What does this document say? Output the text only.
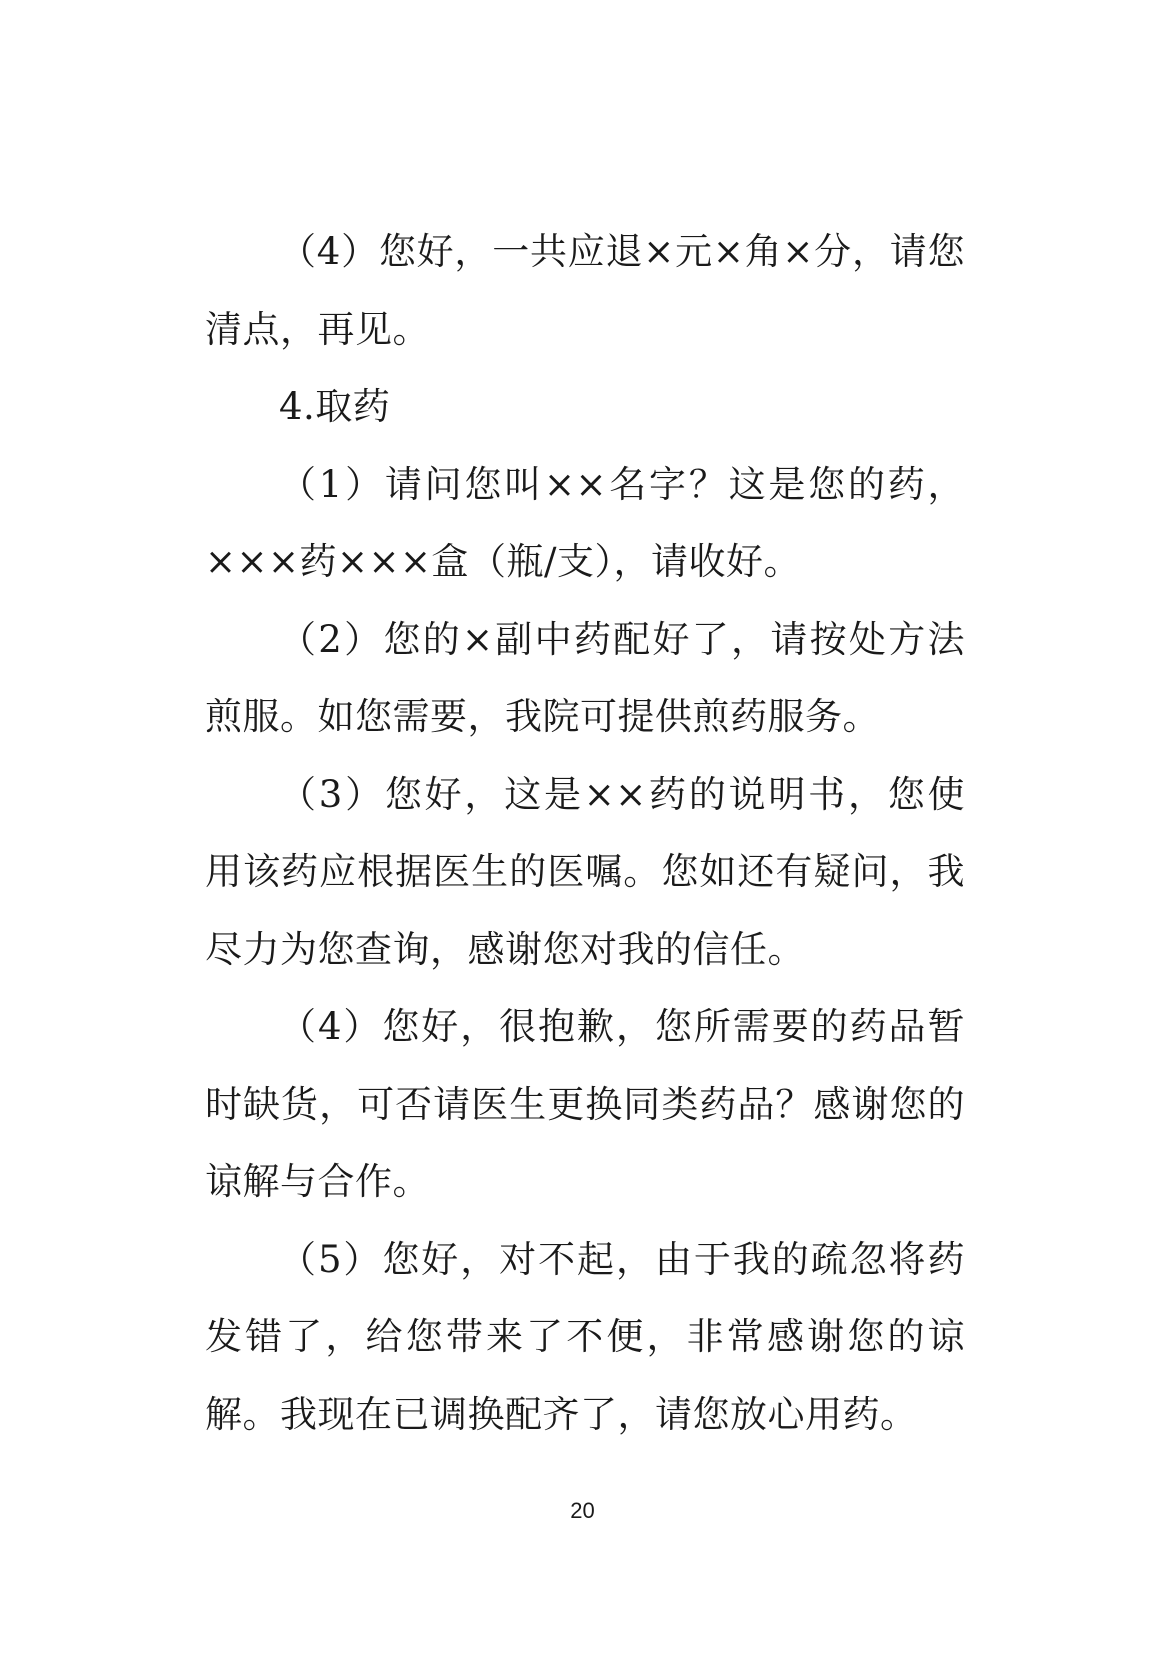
（4）您好，一共应退×元×角×分，请您清点，再见。

4.取药

（1）请问您叫××名字？这是您的药，×××药×××盒（瓶/支），请收好。

（2）您的×副中药配好了，请按处方法煎服。如您需要，我院可提供煎药服务。

（3）您好，这是××药的说明书，您使用该药应根据医生的医嘱。您如还有疑问，我尽力为您查询，感谢您对我的信任。

（4）您好，很抱歉，您所需要的药品暂时缺货，可否请医生更换同类药品？感谢您的谅解与合作。

（5）您好，对不起，由于我的疏忽将药发错了，给您带来了不便，非常感谢您的谅解。我现在已调换配齐了，请您放心用药。

20
